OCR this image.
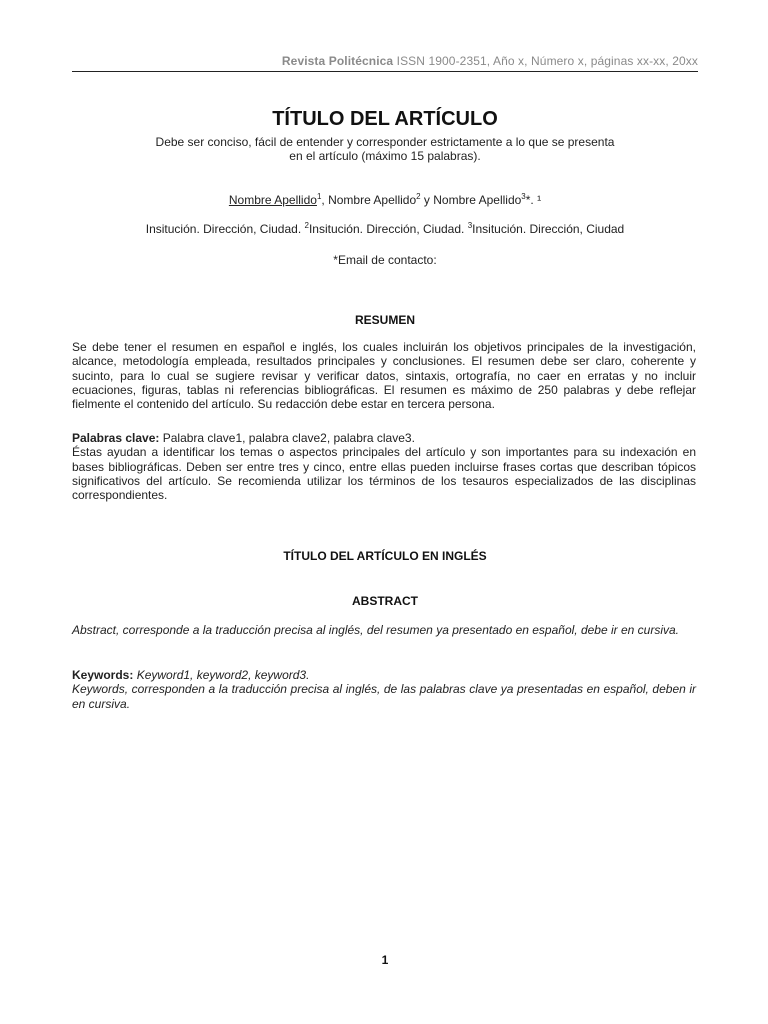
Revista Politécnica ISSN 1900-2351, Año x, Número x, páginas xx-xx, 20xx
TÍTULO DEL ARTÍCULO
Debe ser conciso, fácil de entender y corresponder estrictamente a lo que se presenta en el artículo (máximo 15 palabras).
Nombre Apellido$^1$, Nombre Apellido$^2$ y Nombre Apellido$^3$*. ¹
Insitución. Dirección, Ciudad. $^2$Insitución. Dirección, Ciudad. $^3$Insitución. Dirección, Ciudad
*Email de contacto:
RESUMEN
Se debe tener el resumen en español e inglés, los cuales incluirán los objetivos principales de la investigación, alcance, metodología empleada, resultados principales y conclusiones. El resumen debe ser claro, coherente y sucinto, para lo cual se sugiere revisar y verificar datos, sintaxis, ortografía, no caer en erratas y no incluir ecuaciones, figuras, tablas ni referencias bibliográficas. El resumen es máximo de 250 palabras y debe reflejar fielmente el contenido del artículo. Su redacción debe estar en tercera persona.
Palabras clave: Palabra clave1, palabra clave2, palabra clave3.
Éstas ayudan a identificar los temas o aspectos principales del artículo y son importantes para su indexación en bases bibliográficas. Deben ser entre tres y cinco, entre ellas pueden incluirse frases cortas que describan tópicos significativos del artículo. Se recomienda utilizar los términos de los tesauros especializados de las disciplinas correspondientes.
TÍTULO DEL ARTÍCULO EN INGLÉS
ABSTRACT
Abstract, corresponde a la traducción precisa al inglés, del resumen ya presentado en español, debe ir en cursiva.
Keywords: Keyword1, keyword2, keyword3.
Keywords, corresponden a la traducción precisa al inglés, de las palabras clave ya presentadas en español, deben ir en cursiva.
1
